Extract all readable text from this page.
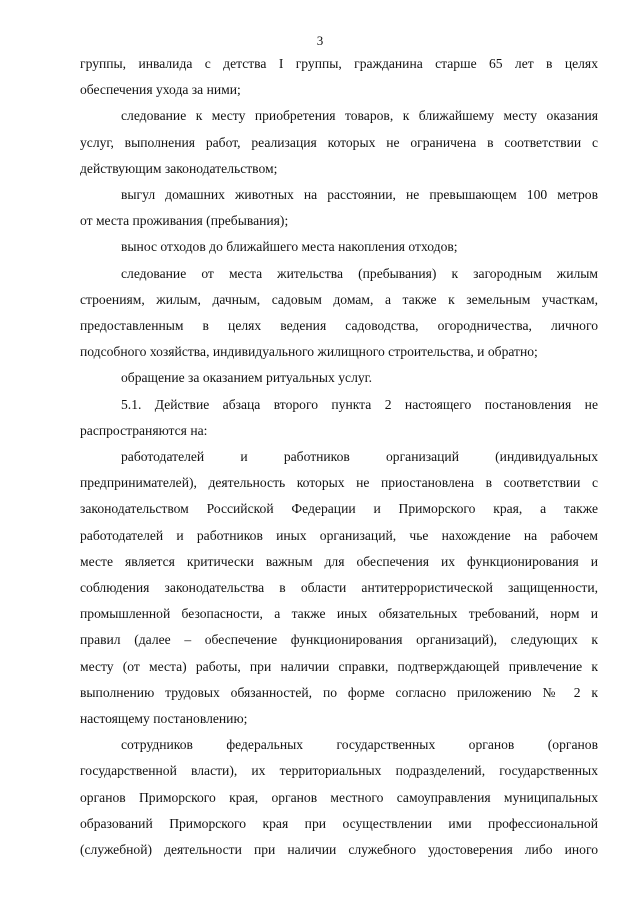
3
группы, инвалида с детства I группы, гражданина старше 65 лет в целях
обеспечения ухода за ними;
следование к месту приобретения товаров, к ближайшему месту оказания
услуг, выполнения работ, реализация которых не ограничена в соответствии с
действующим законодательством;
выгул домашних животных на расстоянии, не превышающем 100 метров
от места проживания (пребывания);
вынос отходов до ближайшего места накопления отходов;
следование от места жительства (пребывания) к загородным жилым
строениям, жилым, дачным, садовым домам, а также к земельным участкам,
предоставленным в целях ведения садоводства, огородничества, личного
подсобного хозяйства, индивидуального жилищного строительства, и обратно;
обращение за оказанием ритуальных услуг.
5.1. Действие абзаца второго пункта 2 настоящего постановления не
распространяются на:
работодателей и работников организаций (индивидуальных
предпринимателей), деятельность которых не приостановлена в соответствии с
законодательством Российской Федерации и Приморского края, а также
работодателей и работников иных организаций, чье нахождение на рабочем
месте является критически важным для обеспечения их функционирования и
соблюдения законодательства в области антитеррористической защищенности,
промышленной безопасности, а также иных обязательных требований, норм и
правил (далее – обеспечение функционирования организаций), следующих к
месту (от места) работы, при наличии справки, подтверждающей привлечение к
выполнению трудовых обязанностей, по форме согласно приложению № 2 к
настоящему постановлению;
сотрудников федеральных государственных органов (органов
государственной власти), их территориальных подразделений, государственных
органов Приморского края, органов местного самоуправления муниципальных
образований Приморского края при осуществлении ими профессиональной
(служебной) деятельности при наличии служебного удостоверения либо иного
